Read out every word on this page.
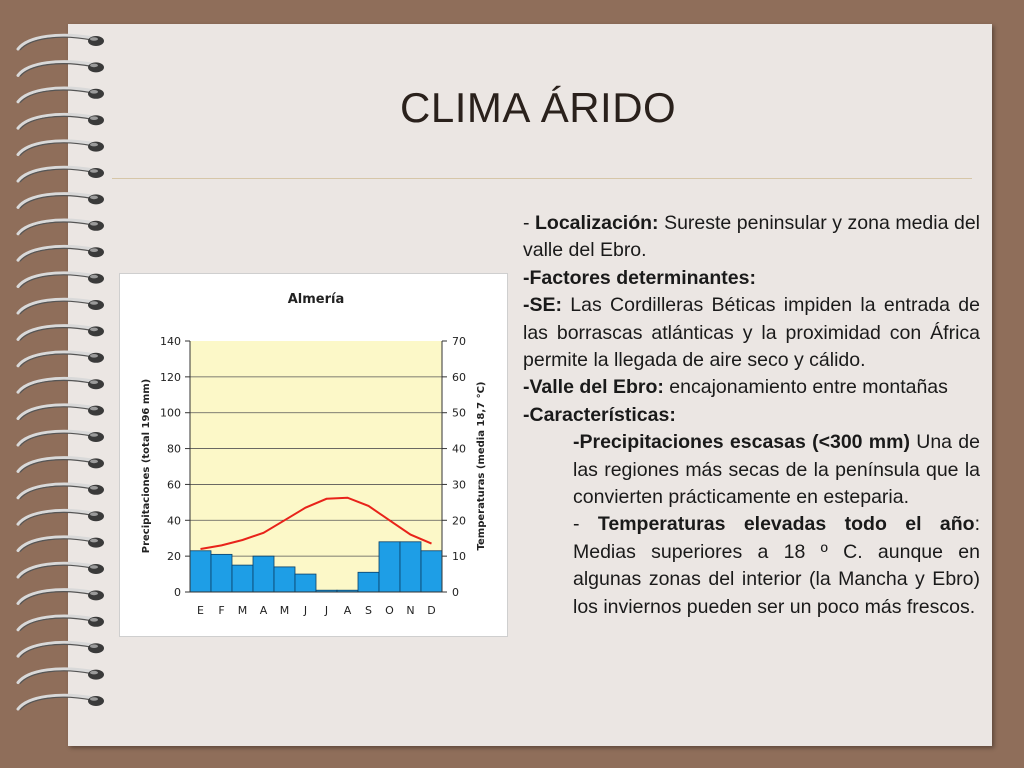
CLIMA ÁRIDO
140
120
100
80
60
40
20
0
70
60
50
40
30
20
10
0
E F M A M J J A S O N D
Almería
Precipitaciones (total 196 mm)	Temperaturas (media 18,7 °C)

- Localización: Sureste peninsular y zona media del valle del Ebro.

-Factores determinantes:

-SE: Las Cordilleras Béticas impiden la entrada de las borrascas atlánticas y la proximidad con África permite la llegada de aire seco y cálido.

-Valle del Ebro: encajonamiento entre montañas

-Características:

-Precipitaciones escasas (<300 mm) Una de las regiones más secas de la península que la convierten prácticamente en esteparia.

- Temperaturas elevadas todo el año: Medias superiores a 18 º C. aunque en algunas zonas del interior (la Mancha y Ebro) los inviernos pueden ser un poco más frescos.
